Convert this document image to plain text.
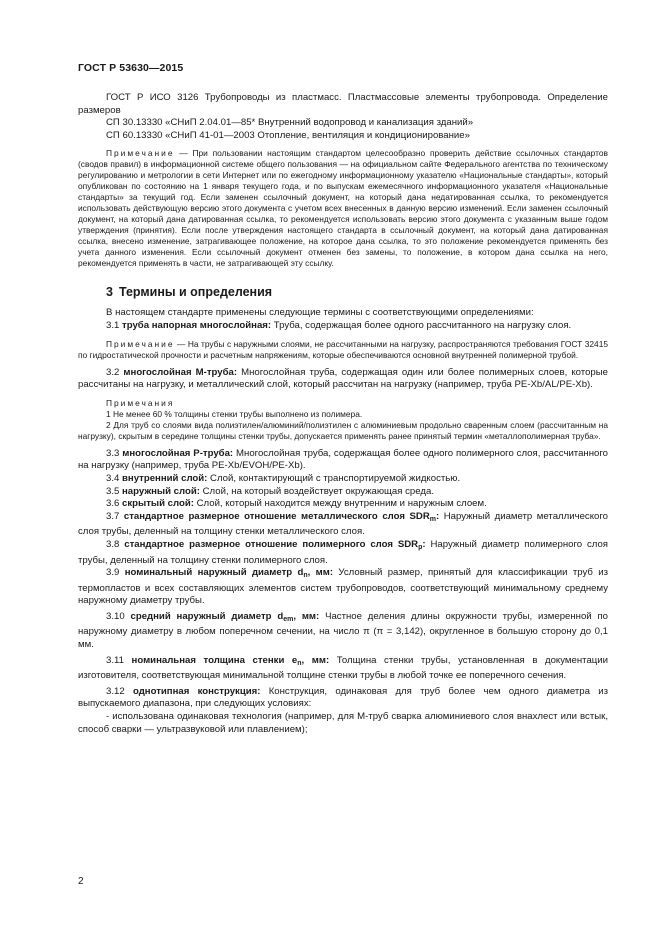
ГОСТ Р 53630—2015

ГОСТ Р ИСО 3126 Трубопроводы из пластмасс. Пластмассовые элементы трубопровода. Определение размеров

СП 30.13330 «СНиП 2.04.01—85* Внутренний водопровод и канализация зданий»

СП 60.13330 «СНиП 41-01—2003 Отопление, вентиляция и кондиционирование»

Примечание — При пользовании настоящим стандартом целесообразно проверить действие ссылочных стандартов (сводов правил) в информационной системе общего пользования — на официальном сайте Федерального агентства по техническому регулированию и метрологии в сети Интернет или по ежегодному информационному указателю «Национальные стандарты», который опубликован по состоянию на 1 января текущего года, и по выпускам ежемесячного информационного указателя «Национальные стандарты» за текущий год. Если заменен ссылочный документ, на который дана недатированная ссылка, то рекомендуется использовать действующую версию этого документа с учетом всех внесенных в данную версию изменений. Если заменен ссылочный документ, на который дана датированная ссылка, то рекомендуется использовать версию этого документа с указанным выше годом утверждения (принятия). Если после утверждения настоящего стандарта в ссылочный документ, на который дана датированная ссылка, внесено изменение, затрагивающее положение, на которое дана ссылка, то это положение рекомендуется применять без учета данного изменения. Если ссылочный документ отменен без замены, то положение, в котором дана ссылка на него, рекомендуется применять в части, не затрагивающей эту ссылку.

3 Термины и определения

В настоящем стандарте применены следующие термины с соответствующими определениями:

3.1 труба напорная многослойная: Труба, содержащая более одного рассчитанного на нагрузку слоя.

Примечание — На трубы с наружными слоями, не рассчитанными на нагрузку, распространяются требования ГОСТ 32415 по гидростатической прочности и расчетным напряжениям, которые обеспечиваются основной внутренней полимерной трубой.

3.2 многослойная М-труба: Многослойная труба, содержащая один или более полимерных слоев, которые рассчитаны на нагрузку, и металлический слой, который рассчитан на нагрузку (например, труба PE-Xb/AL/PE-Xb).

Примечания

1 Не менее 60 % толщины стенки трубы выполнено из полимера.

2 Для труб со слоями вида полиэтилен/алюминий/полиэтилен с алюминиевым продольно сваренным слоем (рассчитанным на нагрузку), скрытым в середине толщины стенки трубы, допускается применять ранее принятый термин «металлополимерная труба».

3.3 многослойная Р-труба: Многослойная труба, содержащая более одного полимерного слоя, рассчитанного на нагрузку (например, труба PE-Xb/EVOH/PE-Xb).

3.4 внутренний слой: Слой, контактирующий с транспортируемой жидкостью.

3.5 наружный слой: Слой, на который воздействует окружающая среда.

3.6 скрытый слой: Слой, который находится между внутренним и наружным слоем.

3.7 стандартное размерное отношение металлического слоя $SDR_m$: Наружный диаметр металлического слоя трубы, деленный на толщину стенки металлического слоя.

3.8 стандартное размерное отношение полимерного слоя $SDR_p$: Наружный диаметр полимерного слоя трубы, деленный на толщину стенки полимерного слоя.

3.9 номинальный наружный диаметр $d_n$, мм: Условный размер, принятый для классификации труб из термопластов и всех составляющих элементов систем трубопроводов, соответствующий минимальному среднему наружному диаметру трубы.

3.10 средний наружный диаметр $d_{em}$, мм: Частное деления длины окружности трубы, измеренной по наружному диаметру в любом поперечном сечении, на число π (π = 3,142), округленное в большую сторону до 0,1 мм.

3.11 номинальная толщина стенки $e_n$, мм: Толщина стенки трубы, установленная в документации изготовителя, соответствующая минимальной толщине стенки трубы в любой точке ее поперечного сечения.

3.12 однотипная конструкция: Конструкция, одинаковая для труб более чем одного диаметра из выпускаемого диапазона, при следующих условиях:

- использована одинаковая технология (например, для М-труб сварка алюминиевого слоя внахлест или встык, способ сварки — ультразвуковой или плавлением);

2
